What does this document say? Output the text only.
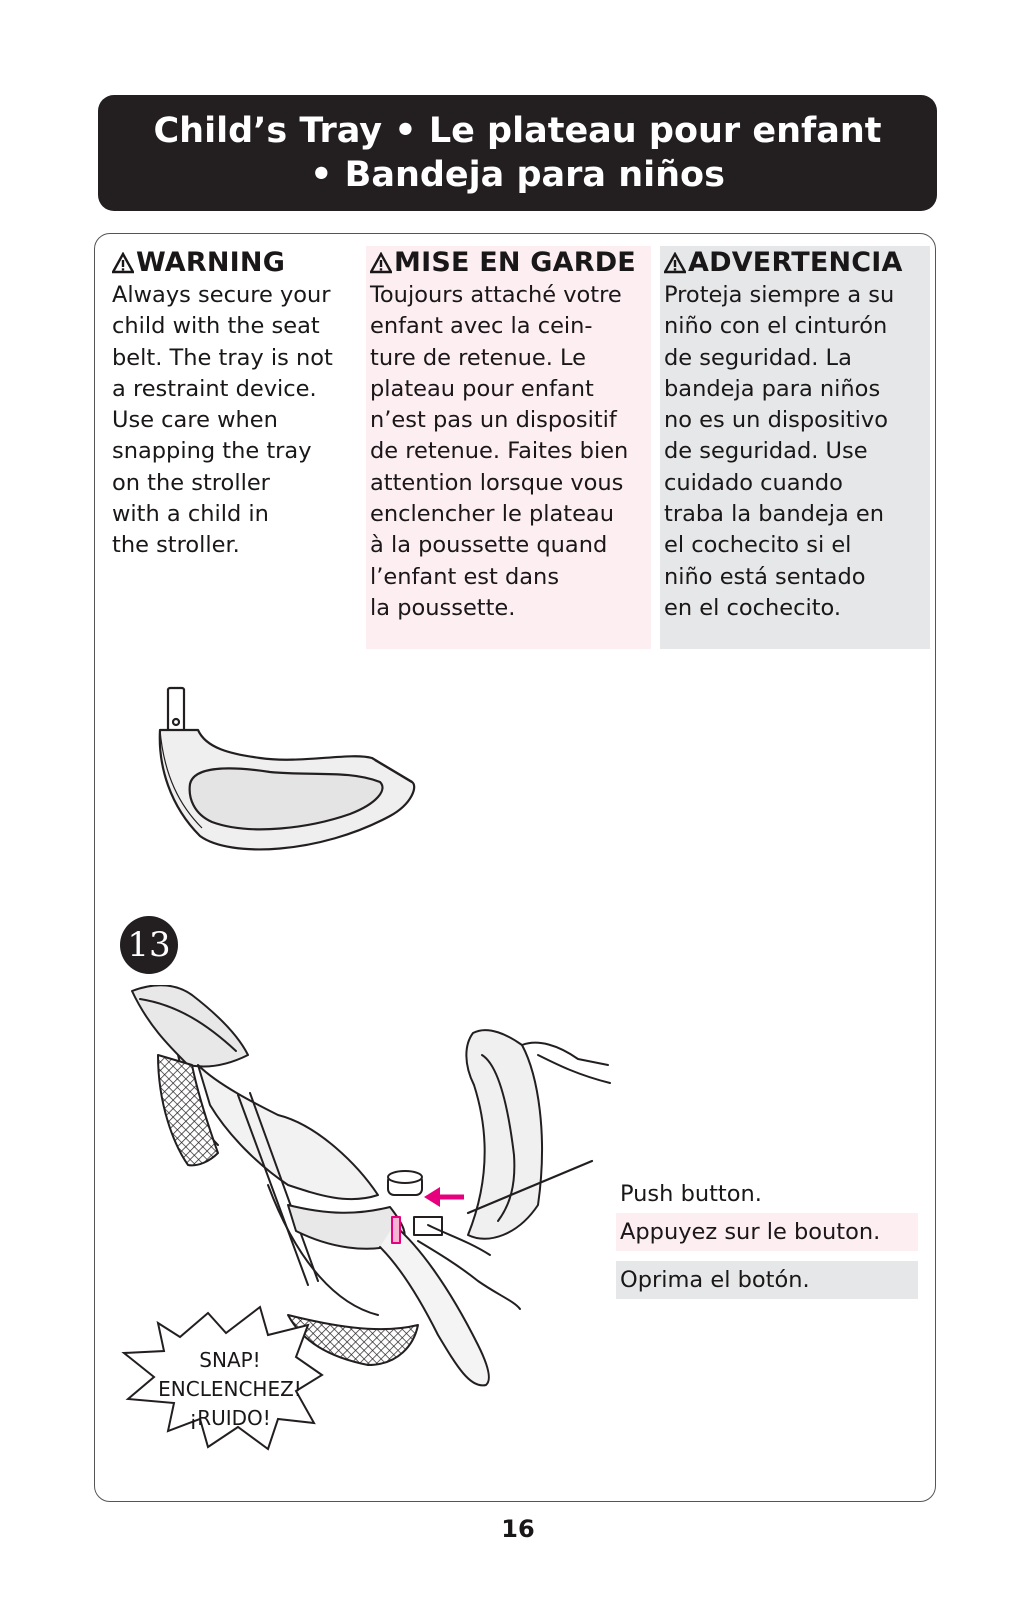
Child’s Tray • Le plateau pour enfant
• Bandeja para niños
WARNING
Always secure your
child with the seat
belt. The tray is not
a restraint device.
Use care when
snapping the tray
on the stroller
with a child in
the stroller.
MISE EN GARDE
Toujours attaché votre
enfant avec la cein-
ture de retenue. Le
plateau pour enfant
n’est pas un dispositif
de retenue. Faites bien
attention lorsque vous
enclencher le plateau
à la poussette quand
l’enfant est dans
la poussette.
ADVERTENCIA
Proteja siempre a su
niño con el cinturón
de seguridad. La
bandeja para niños
no es un dispositivo
de seguridad. Use
cuidado cuando
traba la bandeja en
el cochecito si el
niño está sentado
en el cochecito.
13
Push button.
Appuyez sur le bouton.
Oprima el botón.
SNAP!
ENCLENCHEZ!
¡RUIDO!
16
